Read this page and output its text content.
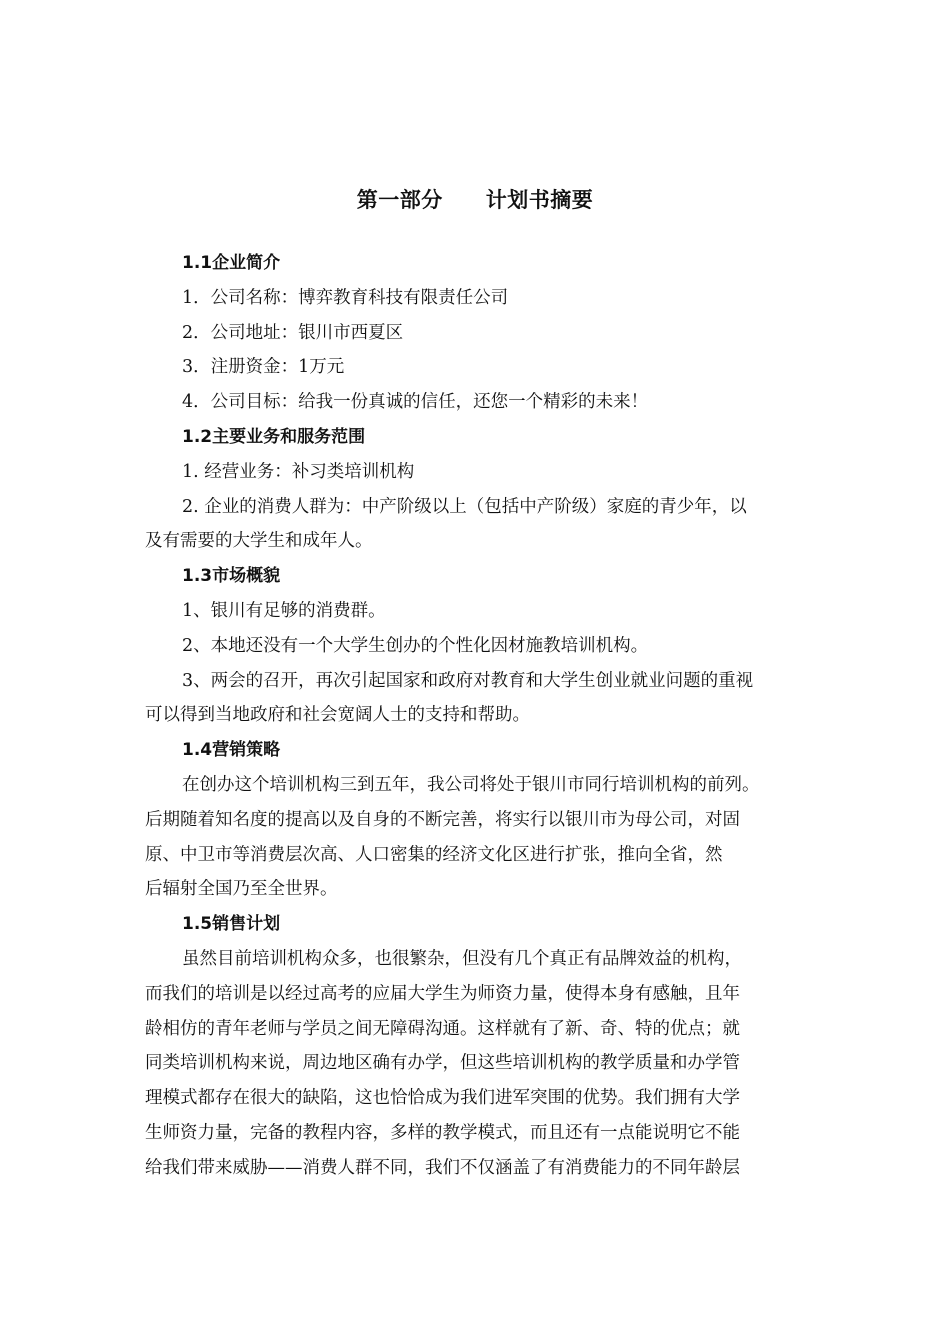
第一部分　　计划书摘要
1.1企业简介
1．公司名称：博弈教育科技有限责任公司
2．公司地址：银川市西夏区
3．注册资金：1万元
4．公司目标：给我一份真诚的信任，还您一个精彩的未来！
1.2主要业务和服务范围
1. 经营业务：补习类培训机构
2. 企业的消费人群为：中产阶级以上（包括中产阶级）家庭的青少年，以
及有需要的大学生和成年人。
1.3市场概貌
1、银川有足够的消费群。
2、本地还没有一个大学生创办的个性化因材施教培训机构。
3、两会的召开，再次引起国家和政府对教育和大学生创业就业问题的重视
可以得到当地政府和社会宽阔人士的支持和帮助。
1.4营销策略
在创办这个培训机构三到五年，我公司将处于银川市同行培训机构的前列。
后期随着知名度的提高以及自身的不断完善，将实行以银川市为母公司，对固
原、中卫市等消费层次高、人口密集的经济文化区进行扩张，推向全省，然
后辐射全国乃至全世界。
1.5销售计划
虽然目前培训机构众多，也很繁杂，但没有几个真正有品牌效益的机构，
而我们的培训是以经过高考的应届大学生为师资力量，使得本身有感触，且年
龄相仿的青年老师与学员之间无障碍沟通。这样就有了新、奇、特的优点；就
同类培训机构来说，周边地区确有办学，但这些培训机构的教学质量和办学管
理模式都存在很大的缺陷，这也恰恰成为我们进军突围的优势。我们拥有大学
生师资力量，完备的教程内容，多样的教学模式，而且还有一点能说明它不能
给我们带来威胁——消费人群不同，我们不仅涵盖了有消费能力的不同年龄层
